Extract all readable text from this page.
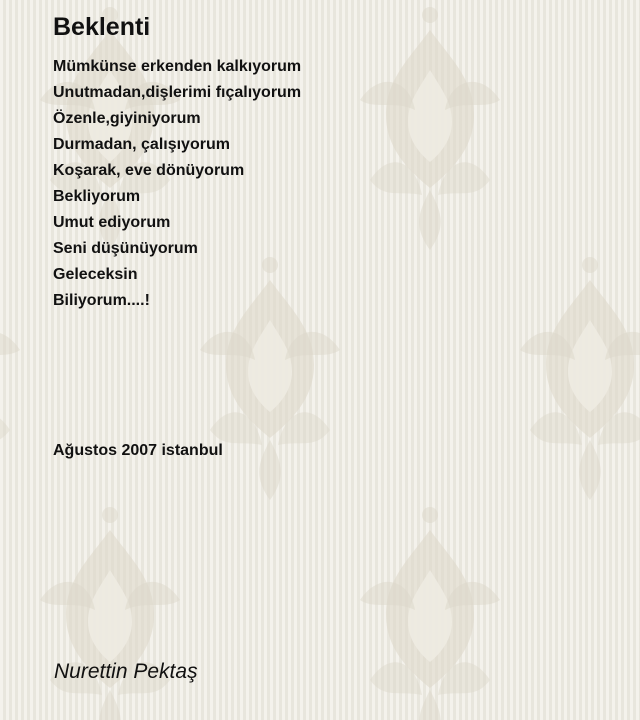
Beklenti
Mümkünse erkenden kalkıyorum
Unutmadan,dişlerimi fıçalıyorum
Özenle,giyiniyorum
Durmadan, çalışıyorum
Koşarak, eve dönüyorum
Bekliyorum
Umut ediyorum
Seni düşünüyorum
Geleceksin
Biliyorum....!
Ağustos 2007 istanbul
Nurettin Pektaş
